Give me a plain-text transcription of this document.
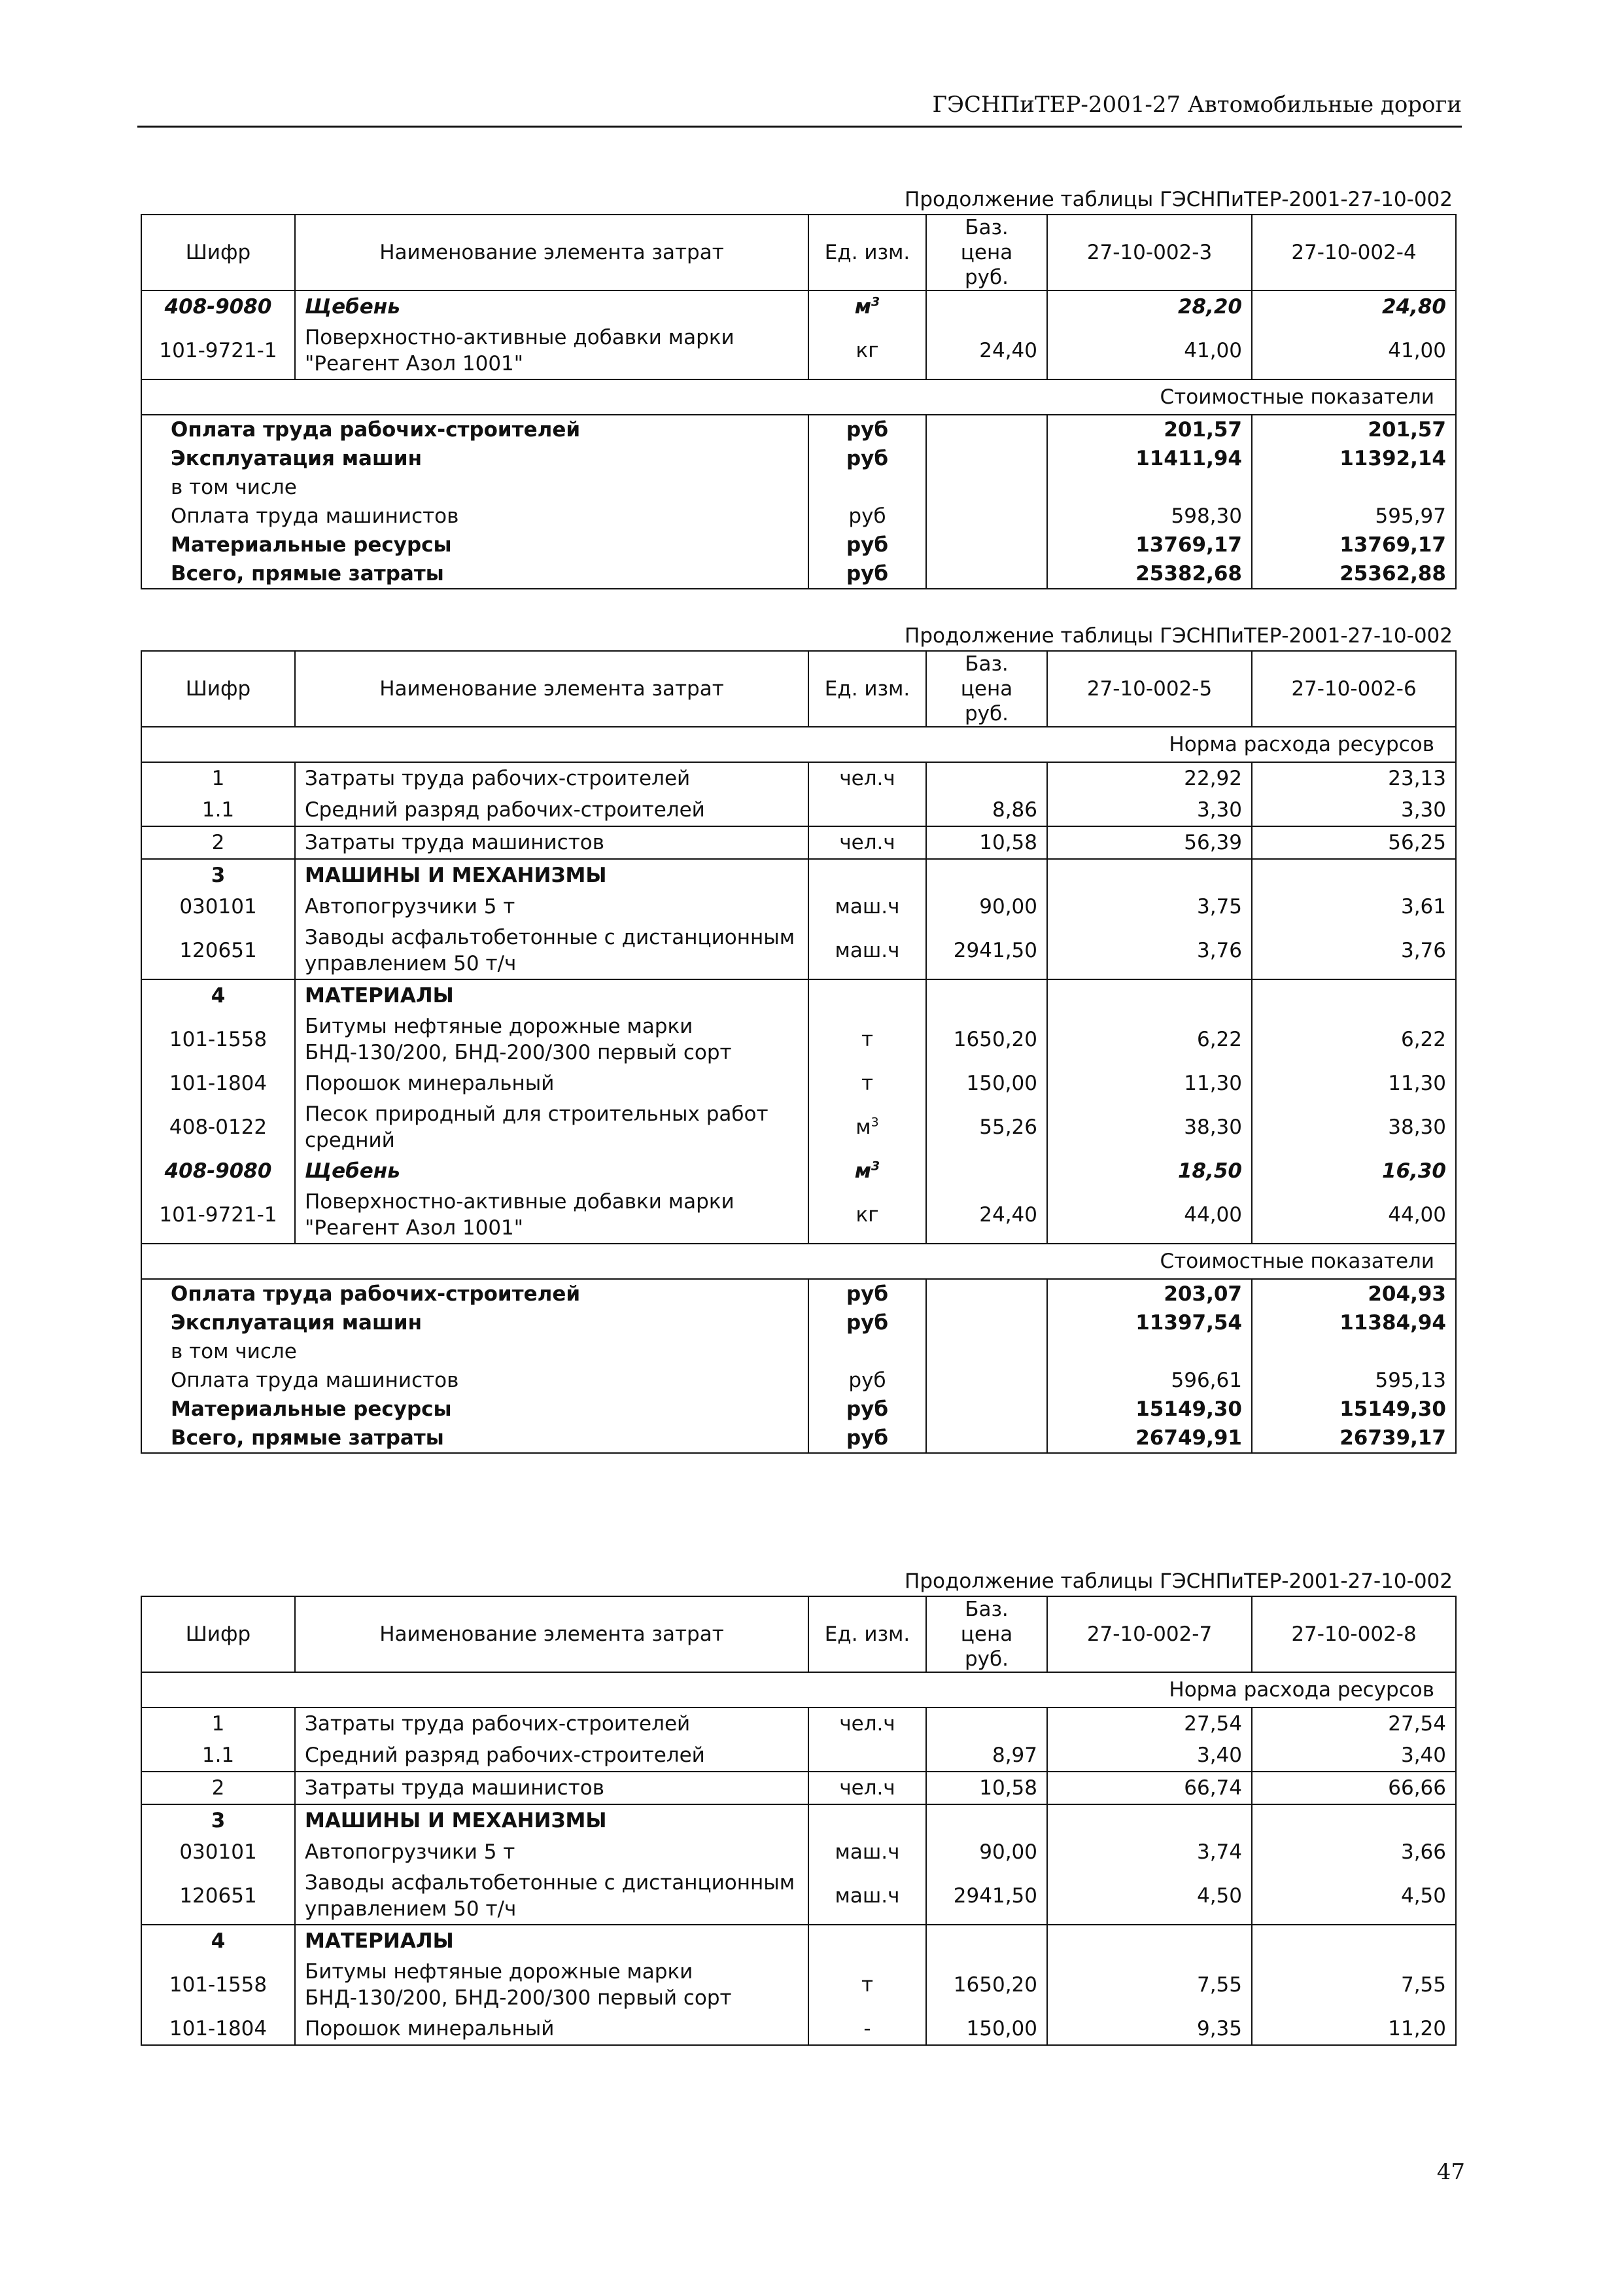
ГЭСНПиТЕР-2001-27 Автомобильные дороги
Продолжение таблицы ГЭСНПиТЕР-2001-27-10-002
Шифр	Наименование элемента затрат	Ед. изм.	Баз. цена
руб.	27-10-002-3	27-10-002-4
408-9080	Щебень	$м^3$		28,20	24,80
101-9721-1	Поверхностно-активные добавки марки
"Реагент Азол 1001"	кг	24,40	41,00	41,00
Стоимостные показатели					
Оплата труда рабочих-строителей		руб		201,57	201,57
Эксплуатация машин		руб		11411,94	11392,14
в том числе					
Оплата труда машинистов		руб		598,30	595,97
Материальные ресурсы		руб		13769,17	13769,17
Всего, прямые затраты		руб		25382,68	25362,88
Продолжение таблицы ГЭСНПиТЕР-2001-27-10-002
Шифр	Наименование элемента затрат	Ед. изм.	Баз. цена
руб.	27-10-002-5	27-10-002-6
Норма расхода ресурсов					
1	Затраты труда рабочих-строителей	чел.ч		22,92	23,13
1.1	Средний разряд рабочих-строителей		8,86	3,30	3,30
2	Затраты труда машинистов	чел.ч	10,58	56,39	56,25
3	МАШИНЫ И МЕХАНИЗМЫ				

030101	Автопогрузчики 5 т	маш.ч	90,00	3,75	3,61
120651	Заводы асфальтобетонные с дистанционным
управлением 50 т/ч	маш.ч	2941,50	3,76	3,76
4	МАТЕРИАЛЫ				

101-1558	Битумы нефтяные дорожные марки
БНД-130/200, БНД-200/300 первый сорт	т	1650,20	6,22	6,22
101-1804	Порошок минеральный	т	150,00	11,30	11,30
408-0122	Песок природный для строительных работ
средний	$м^3$	55,26	38,30	38,30
408-9080	Щебень	$м^3$		18,50	16,30
101-9721-1	Поверхностно-активные добавки марки
"Реагент Азол 1001"	кг	24,40	44,00	44,00
Стоимостные показатели					
Оплата труда рабочих-строителей		руб		203,07	204,93
Эксплуатация машин		руб		11397,54	11384,94
в том числе					
Оплата труда машинистов		руб		596,61	595,13
Материальные ресурсы		руб		15149,30	15149,30
Всего, прямые затраты		руб		26749,91	26739,17
Продолжение таблицы ГЭСНПиТЕР-2001-27-10-002
Шифр	Наименование элемента затрат	Ед. изм.	Баз. цена
руб.	27-10-002-7	27-10-002-8
Норма расхода ресурсов					
1	Затраты труда рабочих-строителей	чел.ч		27,54	27,54
1.1	Средний разряд рабочих-строителей		8,97	3,40	3,40
2	Затраты труда машинистов	чел.ч	10,58	66,74	66,66
3	МАШИНЫ И МЕХАНИЗМЫ				

030101	Автопогрузчики 5 т	маш.ч	90,00	3,74	3,66
120651	Заводы асфальтобетонные с дистанционным
управлением 50 т/ч	маш.ч	2941,50	4,50	4,50
4	МАТЕРИАЛЫ				

101-1558	Битумы нефтяные дорожные марки
БНД-130/200, БНД-200/300 первый сорт	т	1650,20	7,55	7,55
101-1804	Порошок минеральный	-	150,00	9,35	11,20
47
